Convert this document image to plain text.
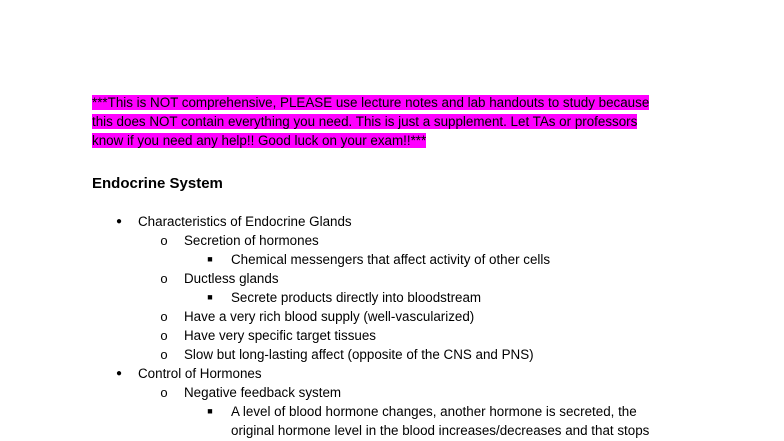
***This is NOT comprehensive, PLEASE use lecture notes and lab handouts to study because
this does NOT contain everything you need. This is just a supplement. Let TAs or professors
know if you need any help!! Good luck on your exam!!***
Endocrine System
● Characteristics of Endocrine Glands
o Secretion of hormones
■	Chemical messengers that affect activity of other cells
o Ductless glands
■	Secrete products directly into bloodstream
o Have a very rich blood supply (well-vascularized)
o Have very specific target tissues
o Slow but long-lasting affect (opposite of the CNS and PNS)
● Control of Hormones
o Negative feedback system
■	A level of blood hormone changes, another hormone is secreted, the original hormone level in the blood increases/decreases and that stops
